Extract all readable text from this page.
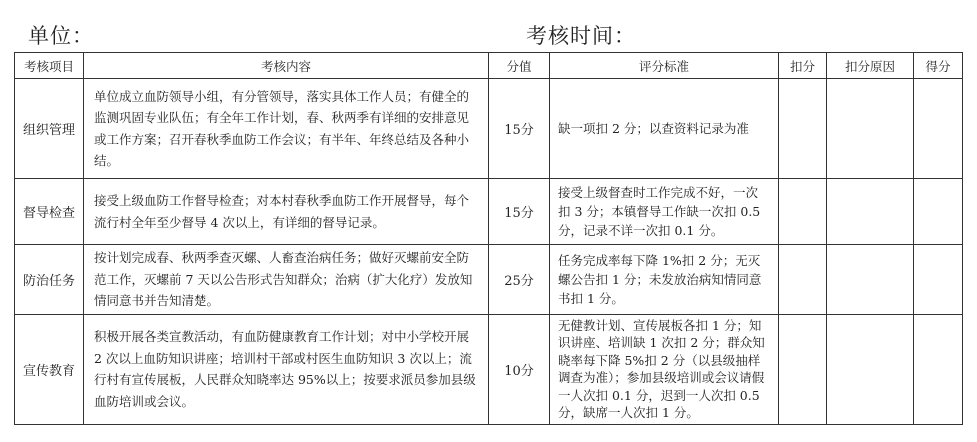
单位：	考核时间：
考核项目	考核内容	分值	评分标准	扣分	扣分原因	得分
组织管理	单位成立血防领导小组，有分管领导，落实具体工作人员；有健全的监测巩固专业队伍；有全年工作计划，春、秋两季有详细的安排意见或工作方案；召开春秋季血防工作会议；有半年、年终总结及各种小结。	15分	缺一项扣 2 分；以查资料记录为准			
督导检查	接受上级血防工作督导检查；对本村春秋季血防工作开展督导，每个流行村全年至少督导 4 次以上，有详细的督导记录。	15分	接受上级督查时工作完成不好，一次扣 3 分；本镇督导工作缺一次扣 0.5 分，记录不详一次扣 0.1 分。			
防治任务	按计划完成春、秋两季查灭螺、人畜查治病任务；做好灭螺前安全防范工作，灭螺前 7 天以公告形式告知群众；治病（扩大化疗）发放知情同意书并告知清楚。	25分	任务完成率每下降 1%扣 2 分；无灭螺公告扣 1 分；未发放治病知情同意书扣 1 分。			
宣传教育	积极开展各类宣教活动，有血防健康教育工作计划；对中小学校开展 2 次以上血防知识讲座；培训村干部或村医生血防知识 3 次以上；流行村有宣传展板，人民群众知晓率达 95%以上；按要求派员参加县级血防培训或会议。	10分	无健教计划、宣传展板各扣 1 分；知识讲座、培训缺 1 次扣 2 分；群众知晓率每下降 5%扣 2 分（以县级抽样调查为准）；参加县级培训或会议请假一人次扣 0.1 分，迟到一人次扣 0.5 分，缺席一人次扣 1 分。			
